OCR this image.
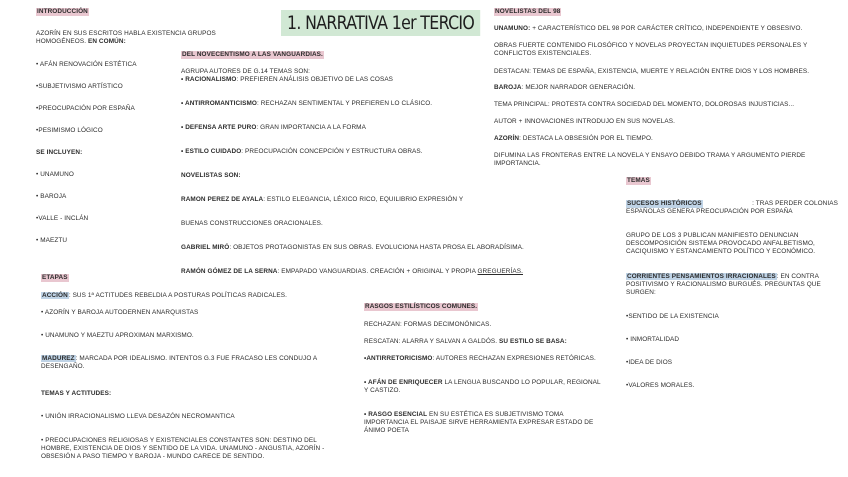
1. NARRATIVA 1er TERCIO
INTRODUCCIÓN
AZORÍN EN SUS ESCRITOS HABLA EXISTENCIA GRUPOS
HOMOGÉNEOS. EN COMÚN:
• AFÁN RENOVACIÓN ESTÉTICA
•SUBJETIVISMO ARTÍSTICO
•PREOCUPACIÓN POR ESPAÑA
•PESIMISMO LÓGICO
SE INCLUYEN:
• UNAMUNO
• BAROJA
•VALLE - INCLÁN
• MAEZTU
ETAPAS
ACCIÓN: SUS 1ª ACTITUDES REBELDIA A POSTURAS POLÍTICAS RADICALES.
• AZORÍN Y BAROJA AUTODERNEN ANARQUISTAS
• UNAMUNO Y MAEZTU APROXIMAN MARXISMO.
MADUREZ: MARCADA POR IDEALISMO. INTENTOS G.3 FUE FRACASO LES CONDUJO A
DESENGAÑO.
TEMAS Y ACTITUDES:
• UNIÓN IRRACIONALISMO LLEVA DESAZÓN NECROMANTICA
• PREOCUPACIONES RELIGIOSAS Y EXISTENCIALES CONSTANTES SON: DESTINO DEL
HOMBRE, EXISTENCIA DE DIOS Y SENTIDO DE LA VIDA. UNAMUNO - ANGUSTIA, AZORÍN -
OBSESIÓN A PASO TIEMPO Y BAROJA - MUNDO CARECE DE SENTIDO.
DEL NOVECENTISMO A LAS VANGUARDIAS.
AGRUPA AUTORES DE G.14 TEMAS SON:
• RACIONALISMO: PREFIEREN ANÁLISIS OBJETIVO DE LAS COSAS
• ANTIRROMANTICISMO: RECHAZAN SENTIMENTAL Y PREFIEREN LO CLÁSICO.
• DEFENSA ARTE PURO: GRAN IMPORTANCIA A LA FORMA
• ESTILO CUIDADO: PREOCUPACIÓN CONCEPCIÓN Y ESTRUCTURA OBRAS.
NOVELISTAS SON:
RAMON PEREZ DE AYALA: ESTILO ELEGANCIA, LÉXICO RICO, EQUILIBRIO EXPRESIÓN Y
BUENAS CONSTRUCCIONES ORACIONALES.
GABRIEL MIRÓ: OBJETOS PROTAGONISTAS EN SUS OBRAS. EVOLUCIONA HASTA PROSA EL ABORADÍSIMA.
RAMÓN GÓMEZ DE LA SERNA: EMPAPADO VANGUARDIAS. CREACIÓN + ORIGINAL Y PROPIA GREGUERÍAS.
RASGOS ESTILÍSTICOS COMUNES.
RECHAZAN: FORMAS DECIMONÓNICAS.
RESCATAN: ALARRA Y SALVAN A GALDÓS. SU ESTILO SE BASA:
•ANTIRRETORICISMO: AUTORES RECHAZAN EXPRESIONES RETÓRICAS.
• AFÁN DE ENRIQUECER LA LENGUA BUSCANDO LO POPULAR, REGIONAL
Y CASTIZO.
• RASGO ESENCIAL EN SU ESTÉTICA ES SUBJETIVISMO TOMA
IMPORTANCIA EL PAISAJE SIRVE HERRAMIENTA EXPRESAR ESTADO DE
ÁNIMO POETA
NOVELISTAS DEL 98
UNAMUNO: + CARACTERÍSTICO DEL 98 POR CARÁCTER CRÍTICO, INDEPENDIENTE Y OBSESIVO.
OBRAS FUERTE CONTENIDO FILOSÓFICO Y NOVELAS PROYECTAN INQUIETUDES PERSONALES Y
CONFLICTOS EXISTENCIALES.
DESTACAN: TEMAS DE ESPAÑA, EXISTENCIA, MUERTE Y RELACIÓN ENTRE DIOS Y LOS HOMBRES.
BAROJA: MEJOR NARRADOR GENERACIÓN.
TEMA PRINCIPAL: PROTESTA CONTRA SOCIEDAD DEL MOMENTO, DOLOROSAS INJUSTICIAS...
AUTOR + INNOVACIONES INTRODUJO EN SUS NOVELAS.
AZORÍN: DESTACA LA OBSESIÓN POR EL TIEMPO.
DIFUMINA LAS FRONTERAS ENTRE LA NOVELA Y ENSAYO DEBIDO TRAMA Y ARGUMENTO PIERDE
IMPORTANCIA.
TEMAS
SUCESOS HISTÓRICOS	: TRAS PERDER COLONIAS
ESPAÑOLAS GENERA PREOCUPACIÓN POR ESPAÑA
GRUPO DE LOS 3 PUBLICAN MANIFIESTO DENUNCIAN
DESCOMPOSICIÓN SISTEMA PROVOCADO ANFALBETISMO,
CACIQUISMO Y ESTANCAMIENTO POLÍTICO Y ECONÓMICO.
CORRIENTES PENSAMIENTOS IRRACIONALES: EN CONTRA
POSITIVISMO Y RACIONALISMO BURGUÉS. PREGUNTAS QUE
SURGEN:
•SENTIDO DE LA EXISTENCIA
• INMORTALIDAD
•IDEA DE DIOS
•VALORES MORALES.
